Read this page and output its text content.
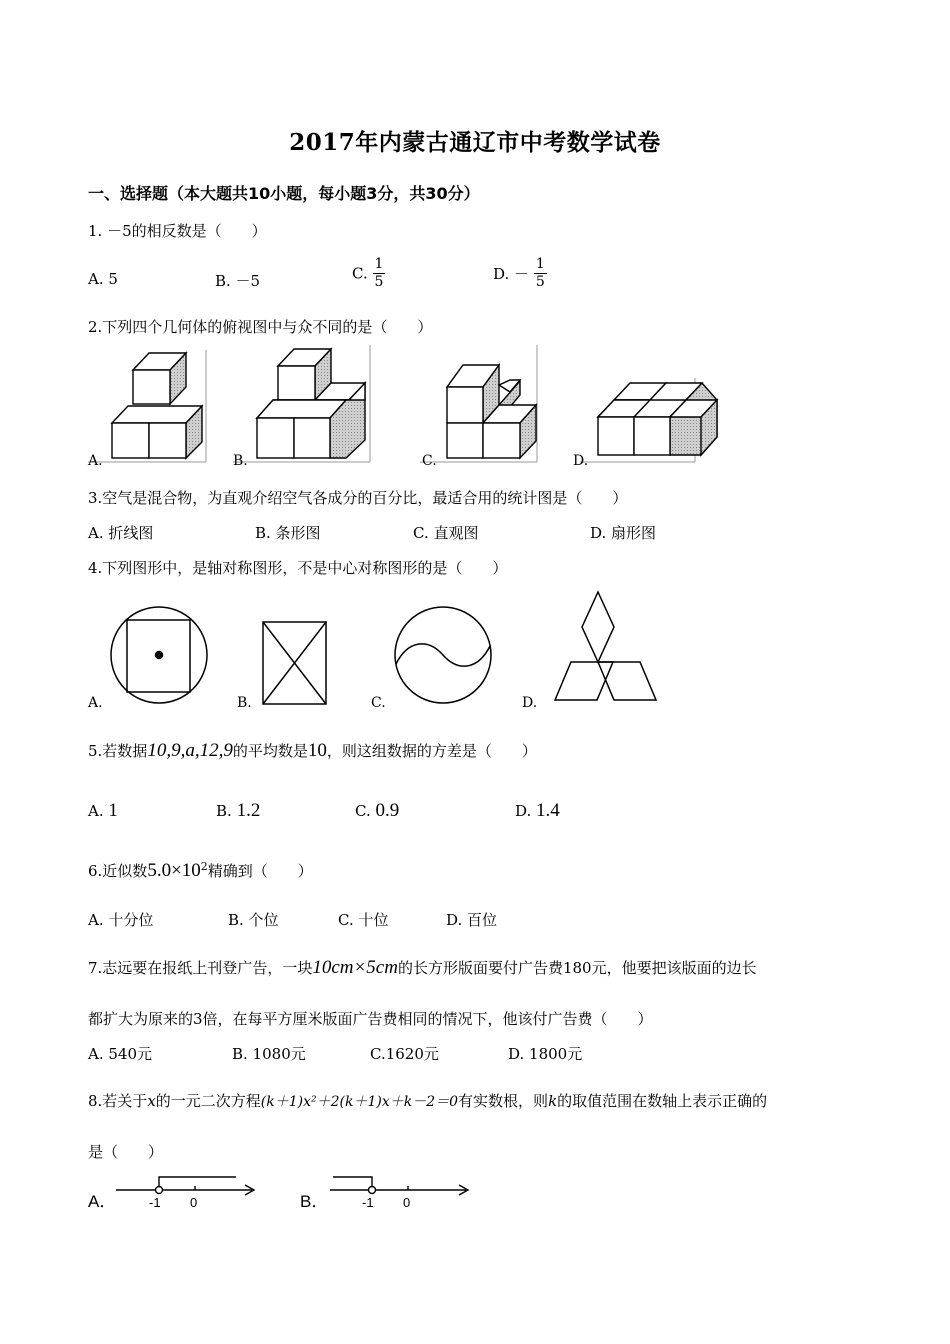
2017年内蒙古通辽市中考数学试卷
一、选择题（本大题共10小题，每小题3分，共30分）
1. －5的相反数是（　　）
A. 5	B. －5	C. $\frac{1}{5}$	D. － $\frac{1}{5}$
2.下列四个几何体的俯视图中与众不同的是（　　）
A.	B.	C.	D.
3.空气是混合物，为直观介绍空气各成分的百分比，最适合用的统计图是（　　）
A. 折线图	B. 条形图	C. 直观图	D. 扇形图
4.下列图形中，是轴对称图形，不是中心对称图形的是（　　）
A.	B.	C.	D.
5.若数据10,9,a,12,9的平均数是10，则这组数据的方差是（　　）
A. 1	B. 1.2	C. 0.9	D. 1.4
6.近似数$5.0\times 10^2$精确到（　　）
A. 十分位	B. 个位	C. 十位	D. 百位
7.志远要在报纸上刊登广告，一块10cm×5cm的长方形版面要付广告费180元，他要把该版面的边长
都扩大为原来的3倍，在每平方厘米版面广告费相同的情况下，他该付广告费（　　）
A. 540元	B. 1080元	C.1620元	D. 1800元
8.若关于x的一元二次方程(k＋1)x²＋2(k＋1)x＋k－2＝0有实数根，则k的取值范围在数轴上表示正确的
是（　　）
A．	B．
-1 0	-1 0
